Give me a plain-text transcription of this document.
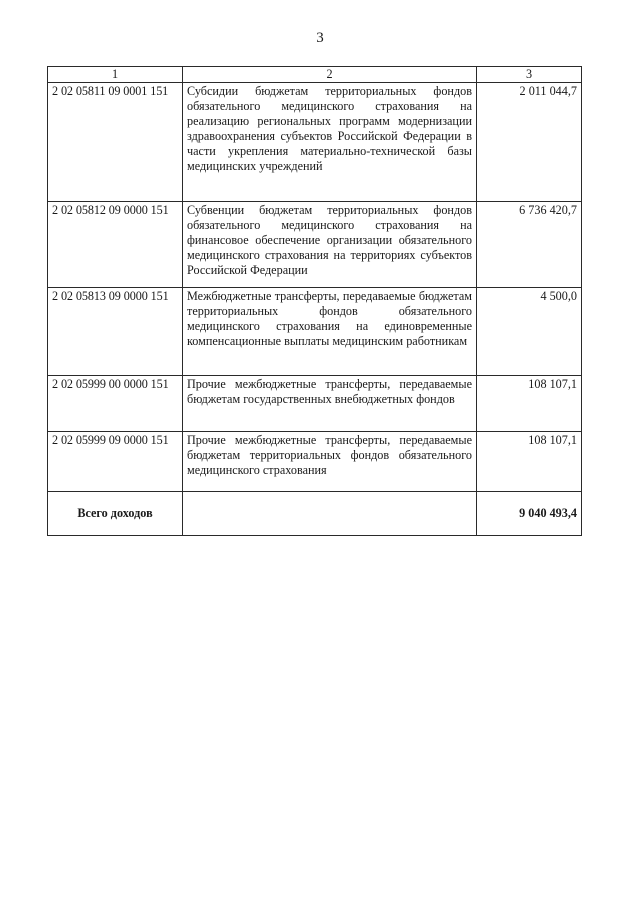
3
1	2	3
2 02 05811 09 0001 151	Субсидии бюджетам территориальных фондов обязательного медицинского страхования на реализацию региональных программ модернизации здравоохранения субъектов Российской Федерации в части укрепления материально-технической базы медицинских учреждений	2 011 044,7
2 02 05812 09 0000 151	Субвенции бюджетам территориальных фондов обязательного медицинского страхования на финансовое обеспечение организации обязательного медицинского страхования на территориях субъектов Российской Федерации	6 736 420,7
2 02 05813 09 0000 151	Межбюджетные трансферты, передаваемые бюджетам территориальных фондов обязательного медицинского страхования на единовременные компенсационные выплаты медицинским работникам	4 500,0
2 02 05999 00 0000 151	Прочие межбюджетные трансферты, передаваемые бюджетам государственных внебюджетных фондов	108 107,1
2 02 05999 09 0000 151	Прочие межбюджетные трансферты, передаваемые бюджетам территориальных фондов обязательного медицинского страхования	108 107,1
Всего доходов		9 040 493,4
